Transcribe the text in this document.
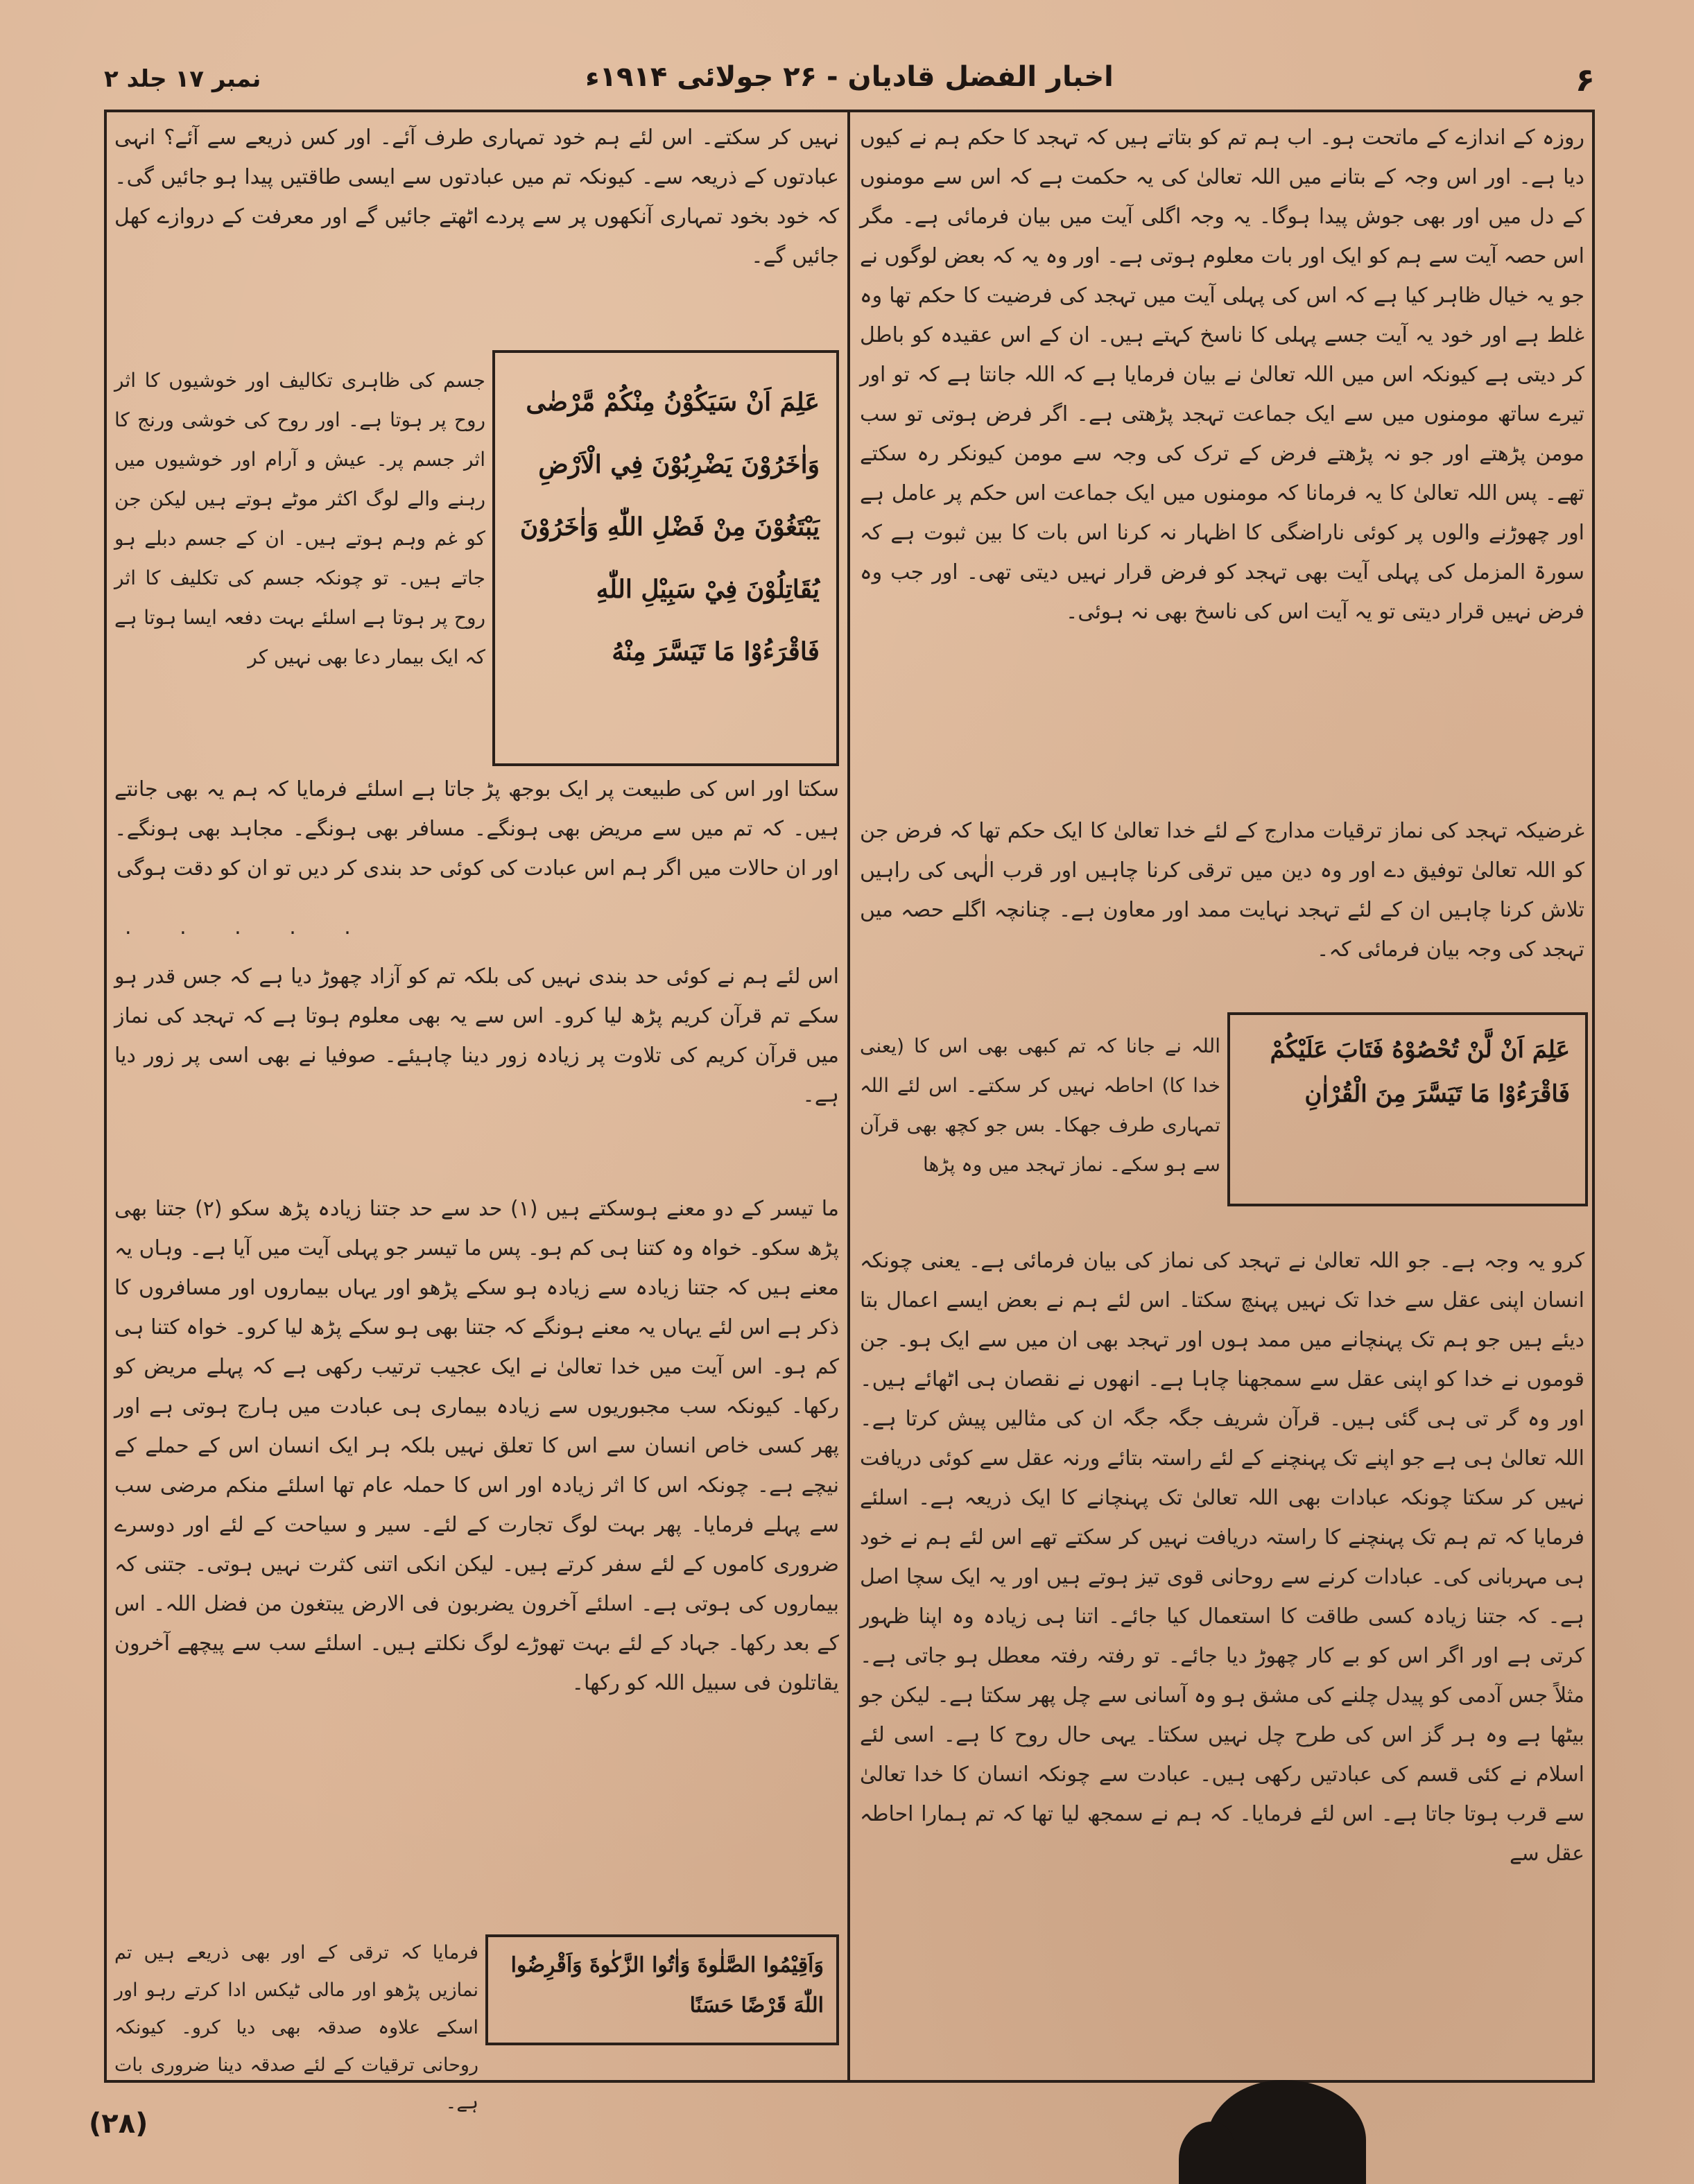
۶
اخبار الفضل قادیان - ۲۶ جولائی ۱۹۱۴ء
نمبر ۱۷ جلد ۲

روزہ کے اندازے کے ماتحت ہو۔ اب ہم تم کو بتاتے ہیں کہ تہجد کا حکم ہم نے کیوں دیا ہے۔ اور اس وجہ کے بتانے میں اللہ تعالیٰ کی یہ حکمت ہے کہ اس سے مومنوں کے دل میں اور بھی جوش پیدا ہوگا۔ یہ وجہ اگلی آیت میں بیان فرمائی ہے۔ مگر اس حصہ آیت سے ہم کو ایک اور بات معلوم ہوتی ہے۔ اور وہ یہ کہ بعض لوگوں نے جو یہ خیال ظاہر کیا ہے کہ اس کی پہلی آیت میں تہجد کی فرضیت کا حکم تھا وہ غلط ہے اور خود یہ آیت جسے پہلی کا ناسخ کہتے ہیں۔ ان کے اس عقیدہ کو باطل کر دیتی ہے کیونکہ اس میں اللہ تعالیٰ نے بیان فرمایا ہے کہ اللہ جانتا ہے کہ تو اور تیرے ساتھ مومنوں میں سے ایک جماعت تہجد پڑھتی ہے۔ اگر فرض ہوتی تو سب مومن پڑھتے اور جو نہ پڑھتے فرض کے ترک کی وجہ سے مومن کیونکر رہ سکتے تھے۔ پس اللہ تعالیٰ کا یہ فرمانا کہ مومنوں میں ایک جماعت اس حکم پر عامل ہے اور چھوڑنے والوں پر کوئی ناراضگی کا اظہار نہ کرنا اس بات کا بین ثبوت ہے کہ سورۃ المزمل کی پہلی آیت بھی تہجد کو فرض قرار نہیں دیتی تھی۔ اور جب وہ فرض نہیں قرار دیتی تو یہ آیت اس کی ناسخ بھی نہ ہوئی۔

غرضیکہ تہجد کی نماز ترقیات مدارج کے لئے خدا تعالیٰ کا ایک حکم تھا کہ فرض جن کو اللہ تعالیٰ توفیق دے اور وہ دین میں ترقی کرنا چاہیں اور قرب الٰہی کی راہیں تلاش کرنا چاہیں ان کے لئے تہجد نہایت ممد اور معاون ہے۔ چنانچہ اگلے حصہ میں تہجد کی وجہ بیان فرمائی کہ۔

عَلِمَ اَنْ لَّنْ تُحْصُوْهُ فَتَابَ عَلَيْكُمْ فَاقْرَءُوْا مَا تَيَسَّرَ مِنَ الْقُرْاٰنِ

اللہ نے جانا کہ تم کبھی بھی اس کا (یعنی خدا کا) احاطہ نہیں کر سکتے۔ اس لئے اللہ تمہاری طرف جھکا۔ بس جو کچھ بھی قرآن سے ہو سکے۔ نماز تہجد میں وہ پڑھا

کرو یہ وجہ ہے۔ جو اللہ تعالیٰ نے تہجد کی نماز کی بیان فرمائی ہے۔ یعنی چونکہ انسان اپنی عقل سے خدا تک نہیں پہنچ سکتا۔ اس لئے ہم نے بعض ایسے اعمال بتا دیئے ہیں جو ہم تک پہنچانے میں ممد ہوں اور تہجد بھی ان میں سے ایک ہو۔ جن قوموں نے خدا کو اپنی عقل سے سمجھنا چاہا ہے۔ انھوں نے نقصان ہی اٹھائے ہیں۔ اور وہ گر تی ہی گئی ہیں۔ قرآن شریف جگہ جگہ ان کی مثالیں پیش کرتا ہے۔ اللہ تعالیٰ ہی ہے جو اپنے تک پہنچنے کے لئے راستہ بتائے ورنہ عقل سے کوئی دریافت نہیں کر سکتا چونکہ عبادات بھی اللہ تعالیٰ تک پہنچانے کا ایک ذریعہ ہے۔ اسلئے فرمایا کہ تم ہم تک پہنچنے کا راستہ دریافت نہیں کر سکتے تھے اس لئے ہم نے خود ہی مہربانی کی۔ عبادات کرنے سے روحانی قوی تیز ہوتے ہیں اور یہ ایک سچا اصل ہے۔ کہ جتنا زیادہ کسی طاقت کا استعمال کیا جائے۔ اتنا ہی زیادہ وہ اپنا ظہور کرتی ہے اور اگر اس کو بے کار چھوڑ دیا جائے۔ تو رفتہ رفتہ معطل ہو جاتی ہے۔ مثلاً جس آدمی کو پیدل چلنے کی مشق ہو وہ آسانی سے چل پھر سکتا ہے۔ لیکن جو بیٹھا ہے وہ ہر گز اس کی طرح چل نہیں سکتا۔ یہی حال روح کا ہے۔ اسی لئے اسلام نے کئی قسم کی عبادتیں رکھی ہیں۔ عبادت سے چونکہ انسان کا خدا تعالیٰ سے قرب ہوتا جاتا ہے۔ اس لئے فرمایا۔ کہ ہم نے سمجھ لیا تھا کہ تم ہمارا احاطہ عقل سے

نہیں کر سکتے۔ اس لئے ہم خود تمہاری طرف آئے۔ اور کس ذریعے سے آئے؟ انہی عبادتوں کے ذریعہ سے۔ کیونکہ تم میں عبادتوں سے ایسی طاقتیں پیدا ہو جائیں گی۔ کہ خود بخود تمہاری آنکھوں پر سے پردے اٹھتے جائیں گے اور معرفت کے دروازے کھل جائیں گے۔

عَلِمَ اَنْ سَيَكُوْنُ مِنْكُمْ مَّرْضٰى وَاٰخَرُوْنَ يَضْرِبُوْنَ فِي الْاَرْضِ يَبْتَغُوْنَ مِنْ فَضْلِ اللّٰهِ وَاٰخَرُوْنَ يُقَاتِلُوْنَ فِيْ سَبِيْلِ اللّٰهِ فَاقْرَءُوْا مَا تَيَسَّرَ مِنْهُ

جسم کی ظاہری تکالیف اور خوشیوں کا اثر روح پر ہوتا ہے۔ اور روح کی خوشی ورنج کا اثر جسم پر۔ عیش و آرام اور خوشیوں میں رہنے والے لوگ اکثر موٹے ہوتے ہیں لیکن جن کو غم وہم ہوتے ہیں۔ ان کے جسم دبلے ہو جاتے ہیں۔ تو چونکہ جسم کی تکلیف کا اثر روح پر ہوتا ہے اسلئے بہت دفعہ ایسا ہوتا ہے کہ ایک بیمار دعا بھی نہیں کر

سکتا اور اس کی طبیعت پر ایک بوجھ پڑ جاتا ہے اسلئے فرمایا کہ ہم یہ بھی جانتے ہیں۔ کہ تم میں سے مریض بھی ہونگے۔ مسافر بھی ہونگے۔ مجاہد بھی ہونگے۔ اور ان حالات میں اگر ہم اس عبادت کی کوئی حد بندی کر دیں تو ان کو دقت ہوگی

. . . . .

اس لئے ہم نے کوئی حد بندی نہیں کی بلکہ تم کو آزاد چھوڑ دیا ہے کہ جس قدر ہو سکے تم قرآن کریم پڑھ لیا کرو۔ اس سے یہ بھی معلوم ہوتا ہے کہ تہجد کی نماز میں قرآن کریم کی تلاوت پر زیادہ زور دینا چاہیئے۔ صوفیا نے بھی اسی پر زور دیا ہے۔

ما تیسر کے دو معنے ہوسکتے ہیں (۱) حد سے حد جتنا زیادہ پڑھ سکو (۲) جتنا بھی پڑھ سکو۔ خواہ وہ کتنا ہی کم ہو۔ پس ما تیسر جو پہلی آیت میں آیا ہے۔ وہاں یہ معنے ہیں کہ جتنا زیادہ سے زیادہ ہو سکے پڑھو اور یہاں بیماروں اور مسافروں کا ذکر ہے اس لئے یہاں یہ معنے ہونگے کہ جتنا بھی ہو سکے پڑھ لیا کرو۔ خواہ کتنا ہی کم ہو۔ اس آیت میں خدا تعالیٰ نے ایک عجیب ترتیب رکھی ہے کہ پہلے مریض کو رکھا۔ کیونکہ سب مجبوریوں سے زیادہ بیماری ہی عبادت میں ہارج ہوتی ہے اور پھر کسی خاص انسان سے اس کا تعلق نہیں بلکہ ہر ایک انسان اس کے حملے کے نیچے ہے۔ چونکہ اس کا اثر زیادہ اور اس کا حملہ عام تھا اسلئے منکم مرضی سب سے پہلے فرمایا۔ پھر بہت لوگ تجارت کے لئے۔ سیر و سیاحت کے لئے اور دوسرے ضروری کاموں کے لئے سفر کرتے ہیں۔ لیکن انکی اتنی کثرت نہیں ہوتی۔ جتنی کہ بیماروں کی ہوتی ہے۔ اسلئے آخرون یضربون فی الارض یبتغون من فضل اللہ۔ اس کے بعد رکھا۔ جہاد کے لئے بہت تھوڑے لوگ نکلتے ہیں۔ اسلئے سب سے پیچھے آخرون یقاتلون فی سبیل اللہ کو رکھا۔

وَاَقِيْمُوا الصَّلٰوةَ وَاٰتُوا الزَّكٰوةَ وَاَقْرِضُوا اللّٰهَ قَرْضًا حَسَنًا

فرمایا کہ ترقی کے اور بھی ذریعے ہیں تم نمازیں پڑھو اور مالی ٹیکس ادا کرتے رہو اور اسکے علاوہ صدقہ بھی دیا کرو۔ کیونکہ روحانی ترقیات کے لئے صدقہ دینا ضروری بات ہے۔

(۲۸)
